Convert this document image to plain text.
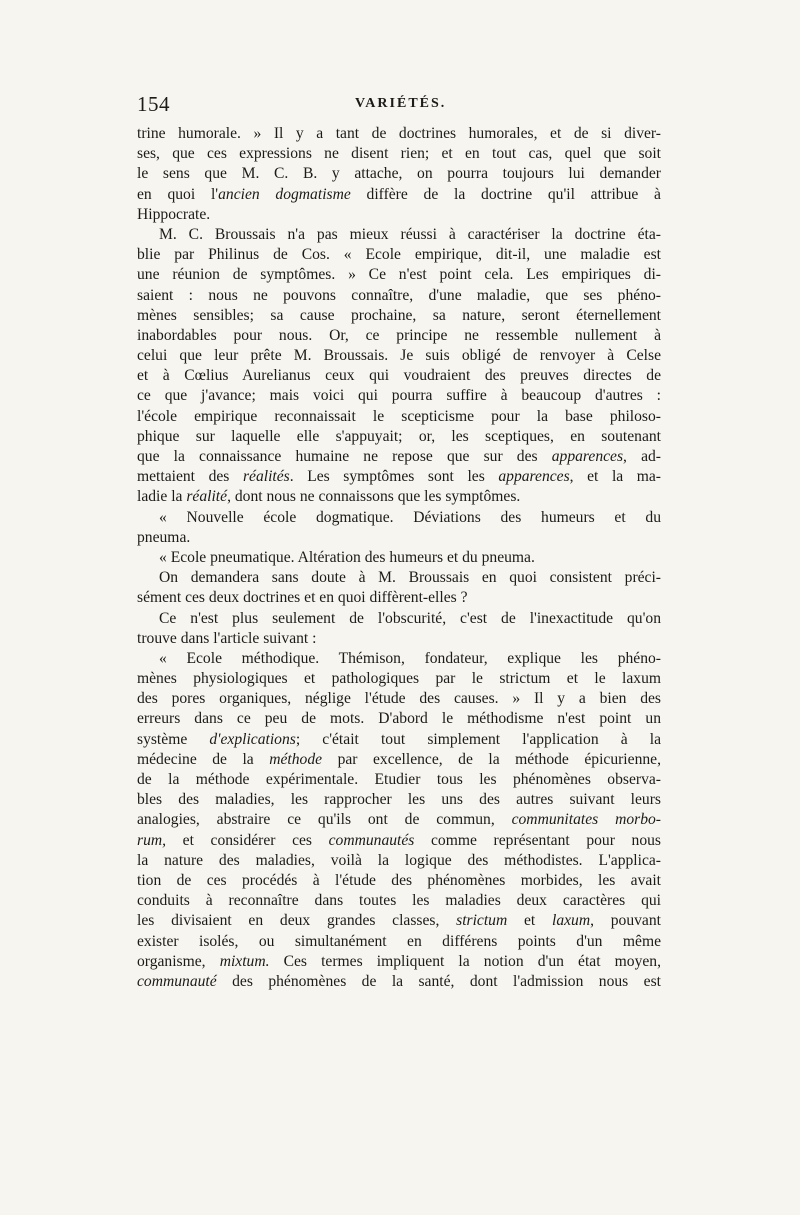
154	VARIÉTÉS.
trine humorale. » Il y a tant de doctrines humorales, et de si diver-
ses, que ces expressions ne disent rien; et en tout cas, quel que soit
le sens que M. C. B. y attache, on pourra toujours lui demander
en quoi l'ancien dogmatisme diffère de la doctrine qu'il attribue à
Hippocrate.
M. C. Broussais n'a pas mieux réussi à caractériser la doctrine éta-
blie par Philinus de Cos. « Ecole empirique, dit-il, une maladie est
une réunion de symptômes. » Ce n'est point cela. Les empiriques di-
saient : nous ne pouvons connaître, d'une maladie, que ses phéno-
mènes sensibles; sa cause prochaine, sa nature, seront éternellement
inabordables pour nous. Or, ce principe ne ressemble nullement à
celui que leur prête M. Broussais. Je suis obligé de renvoyer à Celse
et à Cœlius Aurelianus ceux qui voudraient des preuves directes de
ce que j'avance; mais voici qui pourra suffire à beaucoup d'autres :
l'école empirique reconnaissait le scepticisme pour la base philoso-
phique sur laquelle elle s'appuyait; or, les sceptiques, en soutenant
que la connaissance humaine ne repose que sur des apparences, ad-
mettaient des réalités. Les symptômes sont les apparences, et la ma-
ladie la réalité, dont nous ne connaissons que les symptômes.
« Nouvelle école dogmatique. Déviations des humeurs et du
pneuma.
« Ecole pneumatique. Altération des humeurs et du pneuma.
On demandera sans doute à M. Broussais en quoi consistent préci-
sément ces deux doctrines et en quoi diffèrent-elles ?
Ce n'est plus seulement de l'obscurité, c'est de l'inexactitude qu'on
trouve dans l'article suivant :
« Ecole méthodique. Thémison, fondateur, explique les phéno-
mènes physiologiques et pathologiques par le strictum et le laxum
des pores organiques, néglige l'étude des causes. » Il y a bien des
erreurs dans ce peu de mots. D'abord le méthodisme n'est point un
système d'explications; c'était tout simplement l'application à la
médecine de la méthode par excellence, de la méthode épicurienne,
de la méthode expérimentale. Etudier tous les phénomènes observa-
bles des maladies, les rapprocher les uns des autres suivant leurs
analogies, abstraire ce qu'ils ont de commun, communitates morbo-
rum, et considérer ces communautés comme représentant pour nous
la nature des maladies, voilà la logique des méthodistes. L'applica-
tion de ces procédés à l'étude des phénomènes morbides, les avait
conduits à reconnaître dans toutes les maladies deux caractères qui
les divisaient en deux grandes classes, strictum et laxum, pouvant
exister isolés, ou simultanément en différens points d'un même
organisme, mixtum. Ces termes impliquent la notion d'un état moyen,
communauté des phénomènes de la santé, dont l'admission nous est
